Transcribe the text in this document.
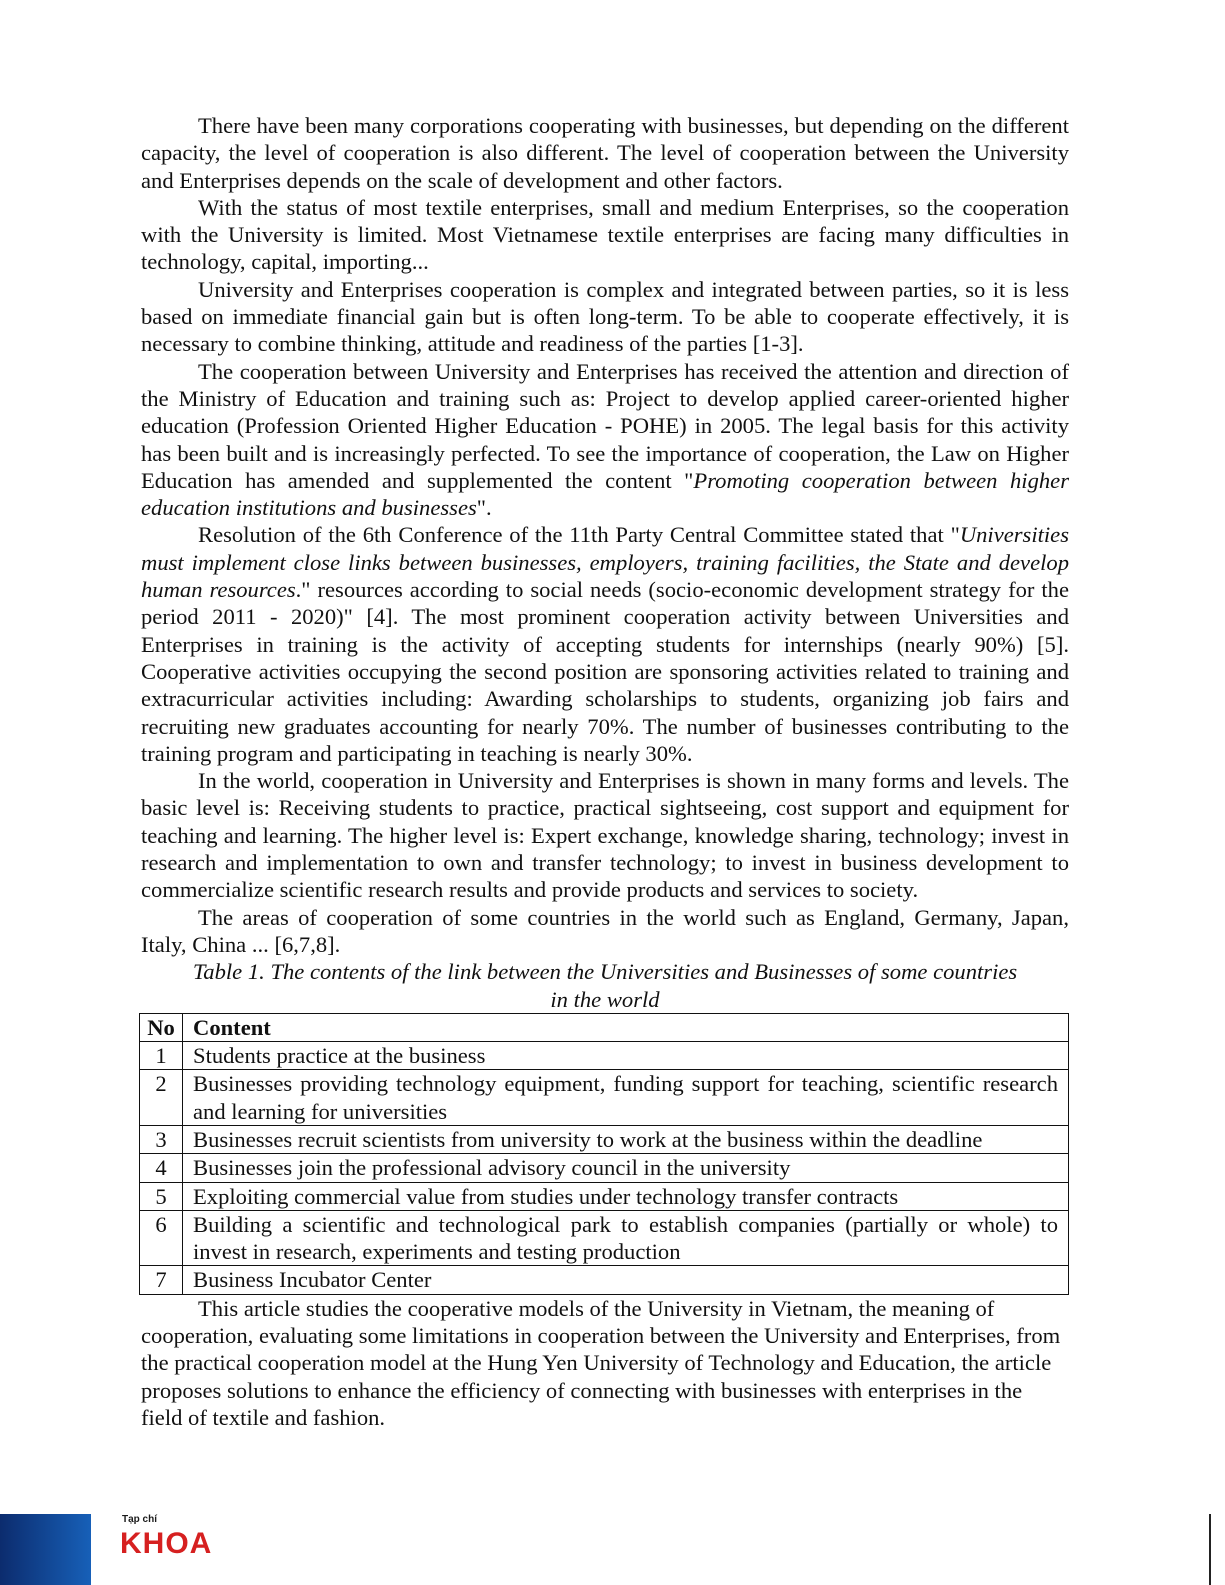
There have been many corporations cooperating with businesses, but depending on the different capacity, the level of cooperation is also different. The level of cooperation between the University and Enterprises depends on the scale of development and other factors.

With the status of most textile enterprises, small and medium Enterprises, so the cooperation with the University is limited. Most Vietnamese textile enterprises are facing many difficulties in technology, capital, importing...

University and Enterprises cooperation is complex and integrated between parties, so it is less based on immediate financial gain but is often long-term. To be able to cooperate effectively, it is necessary to combine thinking, attitude and readiness of the parties [1-3].

The cooperation between University and Enterprises has received the attention and direction of the Ministry of Education and training such as: Project to develop applied career-oriented higher education (Profession Oriented Higher Education - POHE) in 2005. The legal basis for this activity has been built and is increasingly perfected. To see the importance of cooperation, the Law on Higher Education has amended and supplemented the content "Promoting cooperation between higher education institutions and businesses".

Resolution of the 6th Conference of the 11th Party Central Committee stated that "Universities must implement close links between businesses, employers, training facilities, the State and develop human resources." resources according to social needs (socio-economic development strategy for the period 2011 - 2020)" [4]. The most prominent cooperation activity between Universities and Enterprises in training is the activity of accepting students for internships (nearly 90%) [5]. Cooperative activities occupying the second position are sponsoring activities related to training and extracurricular activities including: Awarding scholarships to students, organizing job fairs and recruiting new graduates accounting for nearly 70%. The number of businesses contributing to the training program and participating in teaching is nearly 30%.

In the world, cooperation in University and Enterprises is shown in many forms and levels. The basic level is: Receiving students to practice, practical sightseeing, cost support and equipment for teaching and learning. The higher level is: Expert exchange, knowledge sharing, technology; invest in research and implementation to own and transfer technology; to invest in business development to commercialize scientific research results and provide products and services to society.

The areas of cooperation of some countries in the world such as England, Germany, Japan, Italy, China ... [6,7,8].

Table 1. The contents of the link between the Universities and Businesses of some countries
in the world
No	Content
1	Students practice at the business
2	Businesses providing technology equipment, funding support for teaching, scientific research and learning for universities
3	Businesses recruit scientists from university to work at the business within the deadline
4	Businesses join the professional advisory council in the university
5	Exploiting commercial value from studies under technology transfer contracts
6	Building a scientific and technological park to establish companies (partially or whole) to invest in research, experiments and testing production
7	Business Incubator Center

This article studies the cooperative models of the University in Vietnam, the meaning of cooperation, evaluating some limitations in cooperation between the University and Enterprises, from the practical cooperation model at the Hung Yen University of Technology and Education, the article proposes solutions to enhance the efficiency of connecting with businesses with enterprises in the field of textile and fashion.

Tạp chí
KHOA
